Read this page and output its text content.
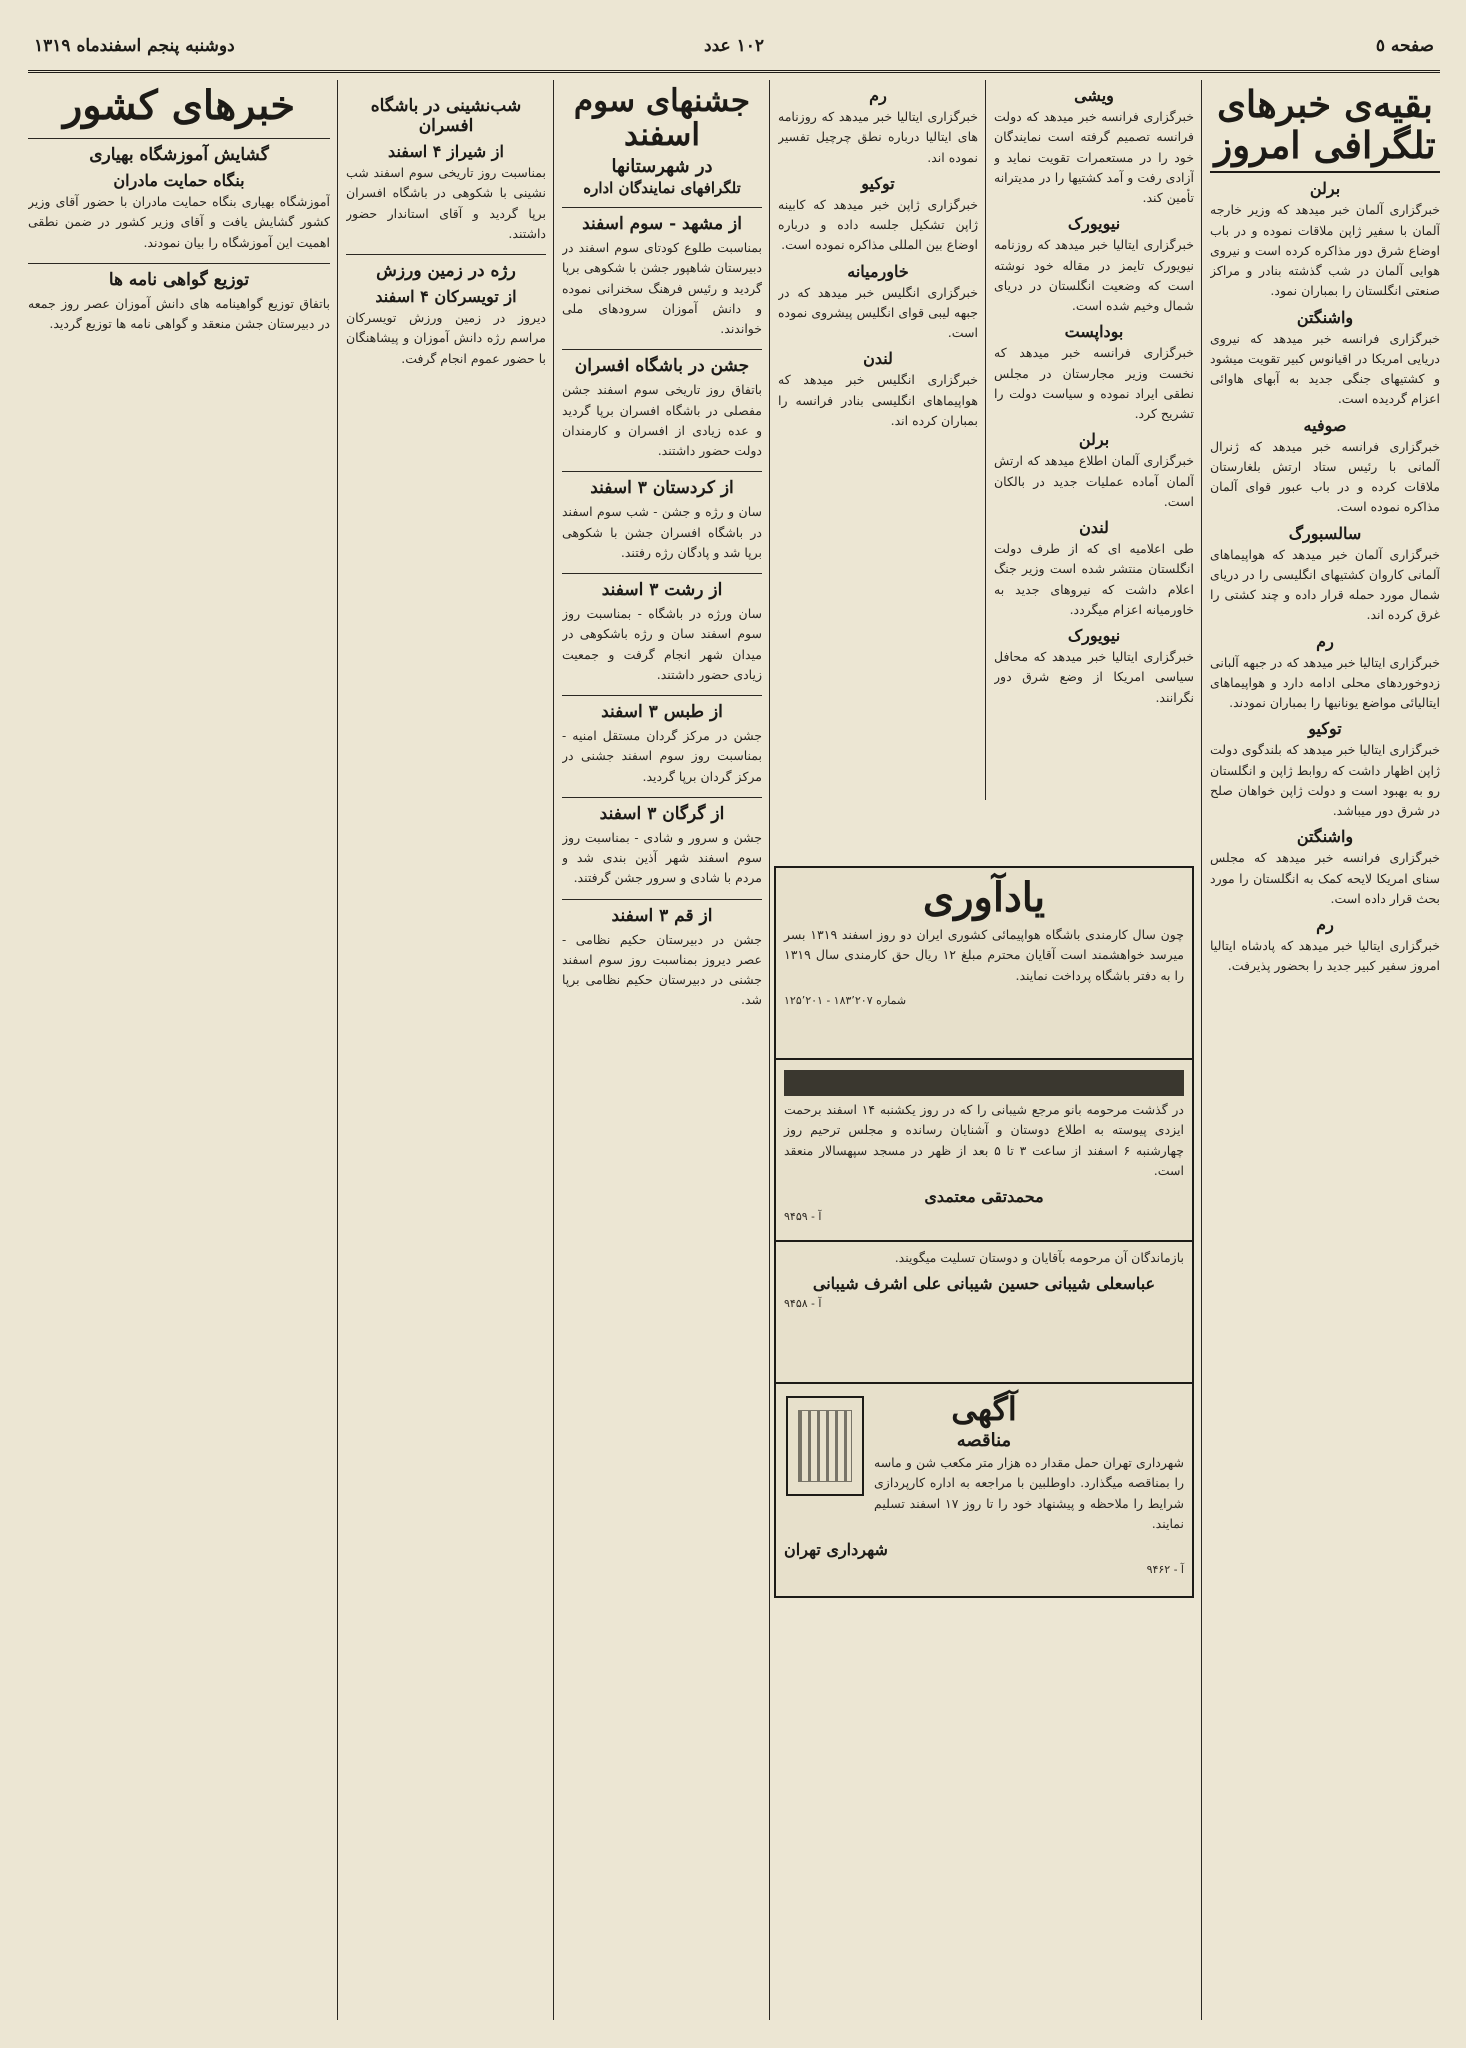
صفحه ٥
۱۰۲ عدد
دوشنبه پنجم اسفندماه ۱۳۱۹
بقیه‌ی خبرهای تلگرافی امروز
برلن

خبرگزاری آلمان خبر میدهد که وزیر خارجه آلمان با سفیر ژاپن ملاقات نموده و در باب اوضاع شرق دور مذاکره کرده است و نیروی هوایی آلمان در شب گذشته بنادر و مراکز صنعتی انگلستان را بمباران نمود.

واشنگتن

خبرگزاری فرانسه خبر میدهد که نیروی دریایی امریکا در اقیانوس کبیر تقویت میشود و کشتیهای جنگی جدید به آبهای هاوائی اعزام گردیده است.

صوفیه

خبرگزاری فرانسه خبر میدهد که ژنرال آلمانی با رئیس ستاد ارتش بلغارستان ملاقات کرده و در باب عبور قوای آلمان مذاکره نموده است.

سالسبورگ

خبرگزاری آلمان خبر میدهد که هواپیماهای آلمانی کاروان کشتیهای انگلیسی را در دریای شمال مورد حمله قرار داده و چند کشتی را غرق کرده اند.

رم

خبرگزاری ایتالیا خبر میدهد که در جبهه آلبانی زدوخوردهای محلی ادامه دارد و هواپیماهای ایتالیائی مواضع یونانیها را بمباران نمودند.

توکیو

خبرگزاری ایتالیا خبر میدهد که بلندگوی دولت ژاپن اظهار داشت که روابط ژاپن و انگلستان رو به بهبود است و دولت ژاپن خواهان صلح در شرق دور میباشد.

واشنگتن

خبرگزاری فرانسه خبر میدهد که مجلس سنای امریکا لایحه کمک به انگلستان را مورد بحث قرار داده است.

رم

خبرگزاری ایتالیا خبر میدهد که پادشاه ایتالیا امروز سفیر کبیر جدید را بحضور پذیرفت.

ویشی

خبرگزاری فرانسه خبر میدهد که دولت فرانسه تصمیم گرفته است نمایندگان خود را در مستعمرات تقویت نماید و آزادی رفت و آمد کشتیها را در مدیترانه تأمین کند.

نیویورک

خبرگزاری ایتالیا خبر میدهد که روزنامه نیویورک تایمز در مقاله خود نوشته است که وضعیت انگلستان در دریای شمال وخیم شده است.

بوداپست

خبرگزاری فرانسه خبر میدهد که نخست وزیر مجارستان در مجلس نطقی ایراد نموده و سیاست دولت را تشریح کرد.

برلن

خبرگزاری آلمان اطلاع میدهد که ارتش آلمان آماده عملیات جدید در بالکان است.

لندن

طی اعلامیه ای که از طرف دولت انگلستان منتشر شده است وزیر جنگ اعلام داشت که نیروهای جدید به خاورمیانه اعزام میگردد.

نیویورک

خبرگزاری ایتالیا خبر میدهد که محافل سیاسی امریکا از وضع شرق دور نگرانند.

رم

خبرگزاری ایتالیا خبر میدهد که روزنامه های ایتالیا درباره نطق چرچیل تفسیر نموده اند.

توکیو

خبرگزاری ژاپن خبر میدهد که کابینه ژاپن تشکیل جلسه داده و درباره اوضاع بین المللی مذاکره نموده است.

خاورمیانه

خبرگزاری انگلیس خبر میدهد که در جبهه لیبی قوای انگلیس پیشروی نموده است.

لندن

خبرگزاری انگلیس خبر میدهد که هواپیماهای انگلیسی بنادر فرانسه را بمباران کرده اند.

یادآوری

چون سال کارمندی باشگاه هواپیمائی کشوری ایران دو روز اسفند ۱۳۱۹ بسر میرسد خواهشمند است آقایان محترم مبلغ ۱۲ ریال حق کارمندی سال ۱۳۱۹ را به دفتر باشگاه پرداخت نمایند.

شماره ۱۸۳٬۲۰۷ - ۱۲۵٬۲۰۱

در گذشت مرحومه بانو مرجع شیبانی را که در روز یکشنبه ۱۴ اسفند برحمت ایزدی پیوسته به اطلاع دوستان و آشنایان رسانده و مجلس ترحیم روز چهارشنبه ۶ اسفند از ساعت ۳ تا ۵ بعد از ظهر در مسجد سپهسالار منعقد است.

محمدتقی معتمدی
آ - ۹۴۵۹

بازماندگان آن مرحومه بآقایان و دوستان تسلیت میگویند.

عباسعلی شیبانی حسین شیبانی علی اشرف شیبانی
آ - ۹۴۵۸
آگهی
مناقصه

شهرداری تهران حمل مقدار ده هزار متر مکعب شن و ماسه را بمناقصه میگذارد. داوطلبین با مراجعه به اداره کارپردازی شرایط را ملاحظه و پیشنهاد خود را تا روز ۱۷ اسفند تسلیم نمایند.

شهرداری تهران
آ - ۹۴۶۲
جشنهای سوم اسفند
در شهرستانها
تلگرافهای نمایندگان اداره
از مشهد - سوم اسفند

بمناسبت طلوع کودتای سوم اسفند در دبیرستان شاهپور جشن با شکوهی برپا گردید و رئیس فرهنگ سخنرانی نموده و دانش آموزان سرودهای ملی خواندند.

جشن در باشگاه افسران

باتفاق روز تاریخی سوم اسفند جشن مفصلی در باشگاه افسران برپا گردید و عده زیادی از افسران و کارمندان دولت حضور داشتند.

از کردستان ۳ اسفند

سان و رژه و جشن - شب سوم اسفند در باشگاه افسران جشن با شکوهی برپا شد و پادگان رژه رفتند.

از رشت ۳ اسفند

سان ورژه در باشگاه - بمناسبت روز سوم اسفند سان و رژه باشکوهی در میدان شهر انجام گرفت و جمعیت زیادی حضور داشتند.

از طبس ۳ اسفند

جشن در مرکز گردان مستقل امنیه - بمناسبت روز سوم اسفند جشنی در مرکز گردان برپا گردید.

از گرگان ۳ اسفند

جشن و سرور و شادی - بمناسبت روز سوم اسفند شهر آذین بندی شد و مردم با شادی و سرور جشن گرفتند.

از قم ۳ اسفند

جشن در دبیرستان حکیم نظامی - عصر دیروز بمناسبت روز سوم اسفند جشنی در دبیرستان حکیم نظامی برپا شد.

شب‌نشینی در باشگاه افسران
از شیراز ۴ اسفند

بمناسبت روز تاریخی سوم اسفند شب نشینی با شکوهی در باشگاه افسران برپا گردید و آقای استاندار حضور داشتند.

رژه در زمین ورزش
از تویسرکان ۴ اسفند

دیروز در زمین ورزش تویسرکان مراسم رژه دانش آموزان و پیشاهنگان با حضور عموم انجام گرفت.

خبرهای کشور
گشایش آموزشگاه بهیاری
بنگاه حمایت مادران

آموزشگاه بهیاری بنگاه حمایت مادران با حضور آقای وزیر کشور گشایش یافت و آقای وزیر کشور در ضمن نطقی اهمیت این آموزشگاه را بیان نمودند.

توزیع گواهی نامه ها

باتفاق توزیع گواهینامه های دانش آموزان عصر روز جمعه در دبیرستان جشن منعقد و گواهی نامه ها توزیع گردید.
